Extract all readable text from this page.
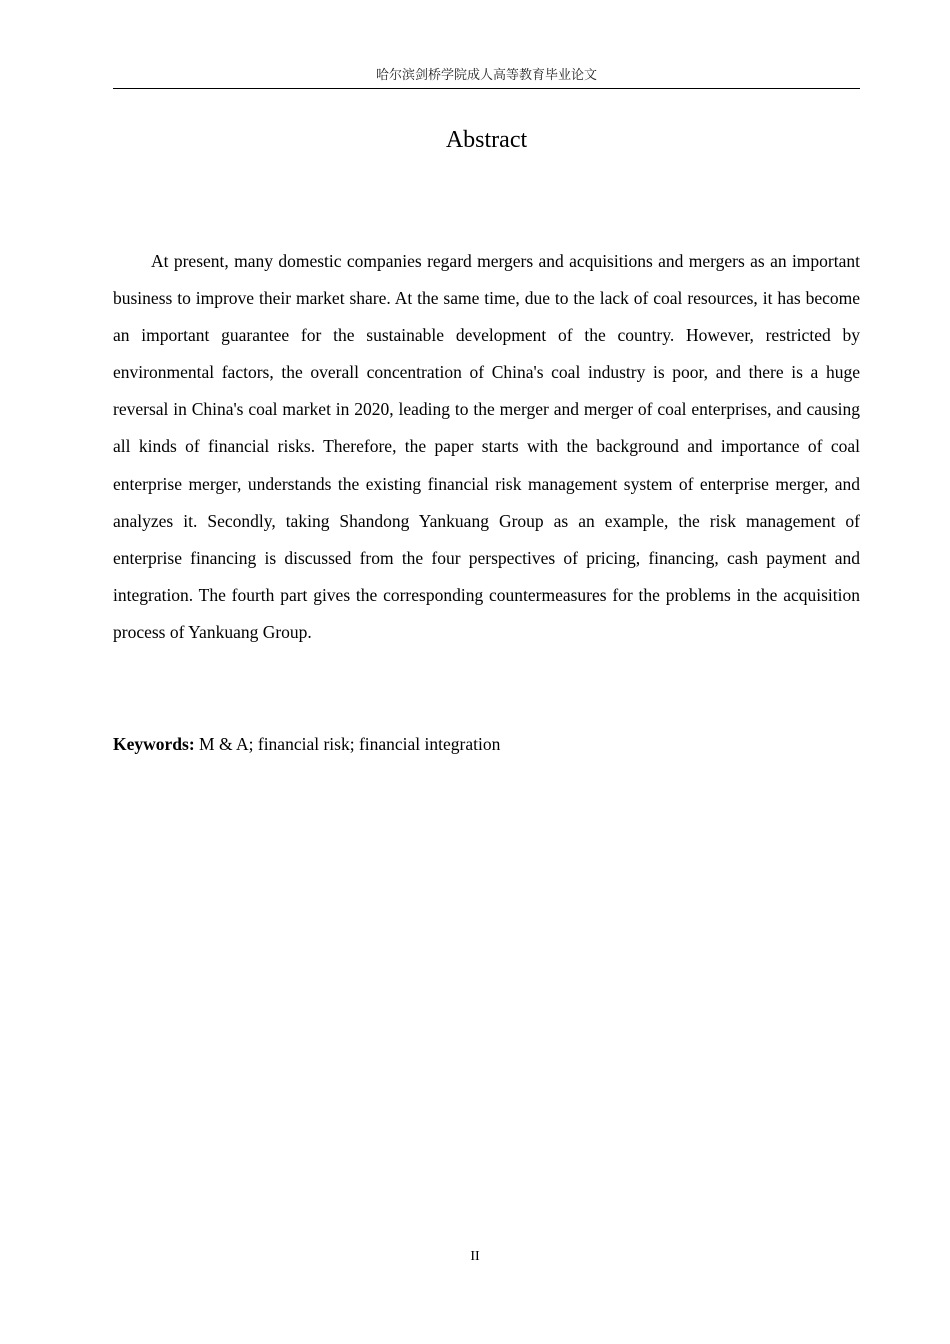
哈尔滨剑桥学院成人高等教育毕业论文
Abstract

At present, many domestic companies regard mergers and acquisitions and mergers as an important business to improve their market share. At the same time, due to the lack of coal resources, it has become an important guarantee for the sustainable development of the country. However, restricted by environmental factors, the overall concentration of China's coal industry is poor, and there is a huge reversal in China's coal market in 2020, leading to the merger and merger of coal enterprises, and causing all kinds of financial risks. Therefore, the paper starts with the background and importance of coal enterprise merger, understands the existing financial risk management system of enterprise merger, and analyzes it. Secondly, taking Shandong Yankuang Group as an example, the risk management of enterprise financing is discussed from the four perspectives of pricing, financing, cash payment and integration. The fourth part gives the corresponding countermeasures for the problems in the acquisition process of Yankuang Group.

Keywords: M & A; financial risk; financial integration
II
